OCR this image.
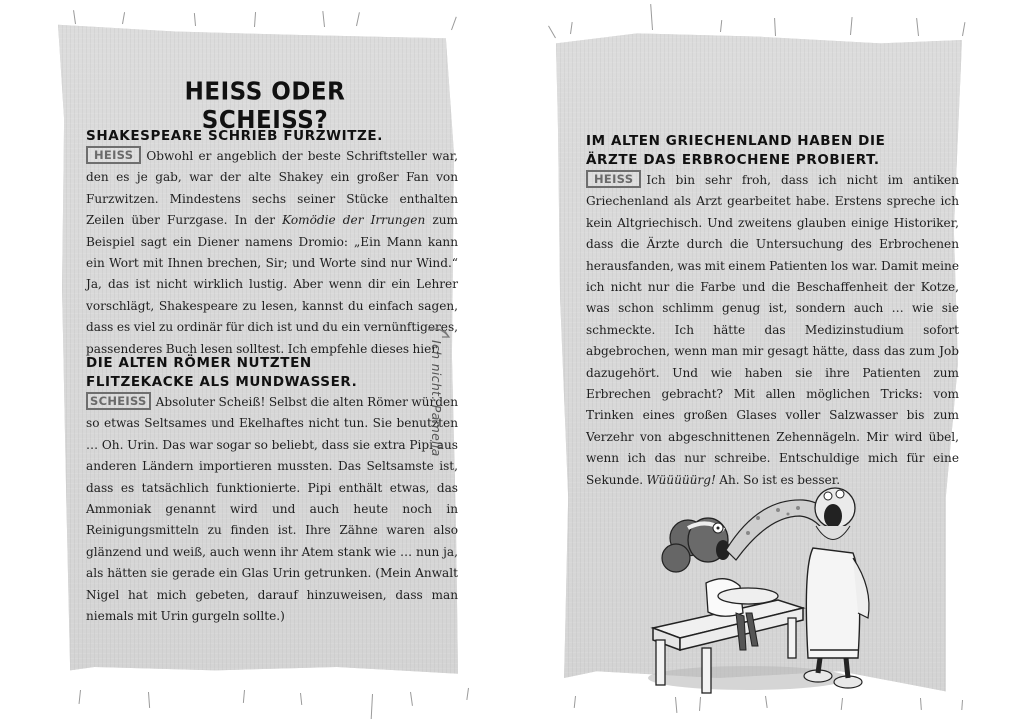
HEISS ODER SCHEISS?
SHAKESPEARE SCHRIEB FURZWITZE.

HEISS Obwohl er angeblich der beste Schriftsteller war, den es je gab, war der alte Shakey ein großer Fan von Furzwitzen. Mindestens sechs seiner Stücke enthalten Zeilen über Furzgase. In der Komödie der Irrungen zum Beispiel sagt ein Diener namens Dromio: „Ein Mann kann ein Wort mit Ihnen brechen, Sir; und Worte sind nur Wind.“ Ja, das ist nicht wirklich lustig. Aber wenn dir ein Lehrer vorschlägt, Shakespeare zu lesen, kannst du einfach sagen, dass es viel zu ordinär für dich ist und du ein vernünftigeres, passenderes Buch lesen solltest. Ich empfehle dieses hier.

DIE ALTEN RÖMER NUTZTEN FLITZEKACKE ALS MUNDWASSER.

SCHEISS Absoluter Scheiß! Selbst die alten Römer würden so etwas Seltsames und Ekelhaftes nicht tun. Sie benutzten … Oh. Urin. Das war sogar so beliebt, dass sie extra Pipi aus anderen Ländern importieren mussten. Das Seltsamste ist, dass es tatsächlich funktionierte. Pipi enthält etwas, das Ammoniak genannt wird und auch heute noch in Reinigungsmitteln zu finden ist. Ihre Zähne waren also glänzend und weiß, auch wenn ihr Atem stank wie … nun ja, als hätten sie gerade ein Glas Urin getrunken. (Mein Anwalt Nigel hat mich gebeten, darauf hinzuweisen, dass man niemals mit Urin gurgeln sollte.)

Ich nicht. Pamella
IM ALTEN GRIECHENLAND HABEN DIE ÄRZTE DAS ERBROCHENE PROBIERT.

HEISS Ich bin sehr froh, dass ich nicht im antiken Griechenland als Arzt gearbeitet habe. Erstens spreche ich kein Altgriechisch. Und zweitens glauben einige Historiker, dass die Ärzte durch die Untersuchung des Erbrochenen herausfanden, was mit einem Patienten los war. Damit meine ich nicht nur die Farbe und die Beschaffenheit der Kotze, was schon schlimm genug ist, sondern auch … wie sie schmeckte. Ich hätte das Medizinstudium sofort abgebrochen, wenn man mir gesagt hätte, dass das zum Job dazugehört. Und wie haben sie ihre Patienten zum Erbrechen gebracht? Mit allen möglichen Tricks: vom Trinken eines großen Glases voller Salzwasser bis zum Verzehr von abgeschnittenen Zehennägeln. Mir wird übel, wenn ich das nur schreibe. Entschuldige mich für eine Sekunde. Wüüüüürg! Ah. So ist es besser.
